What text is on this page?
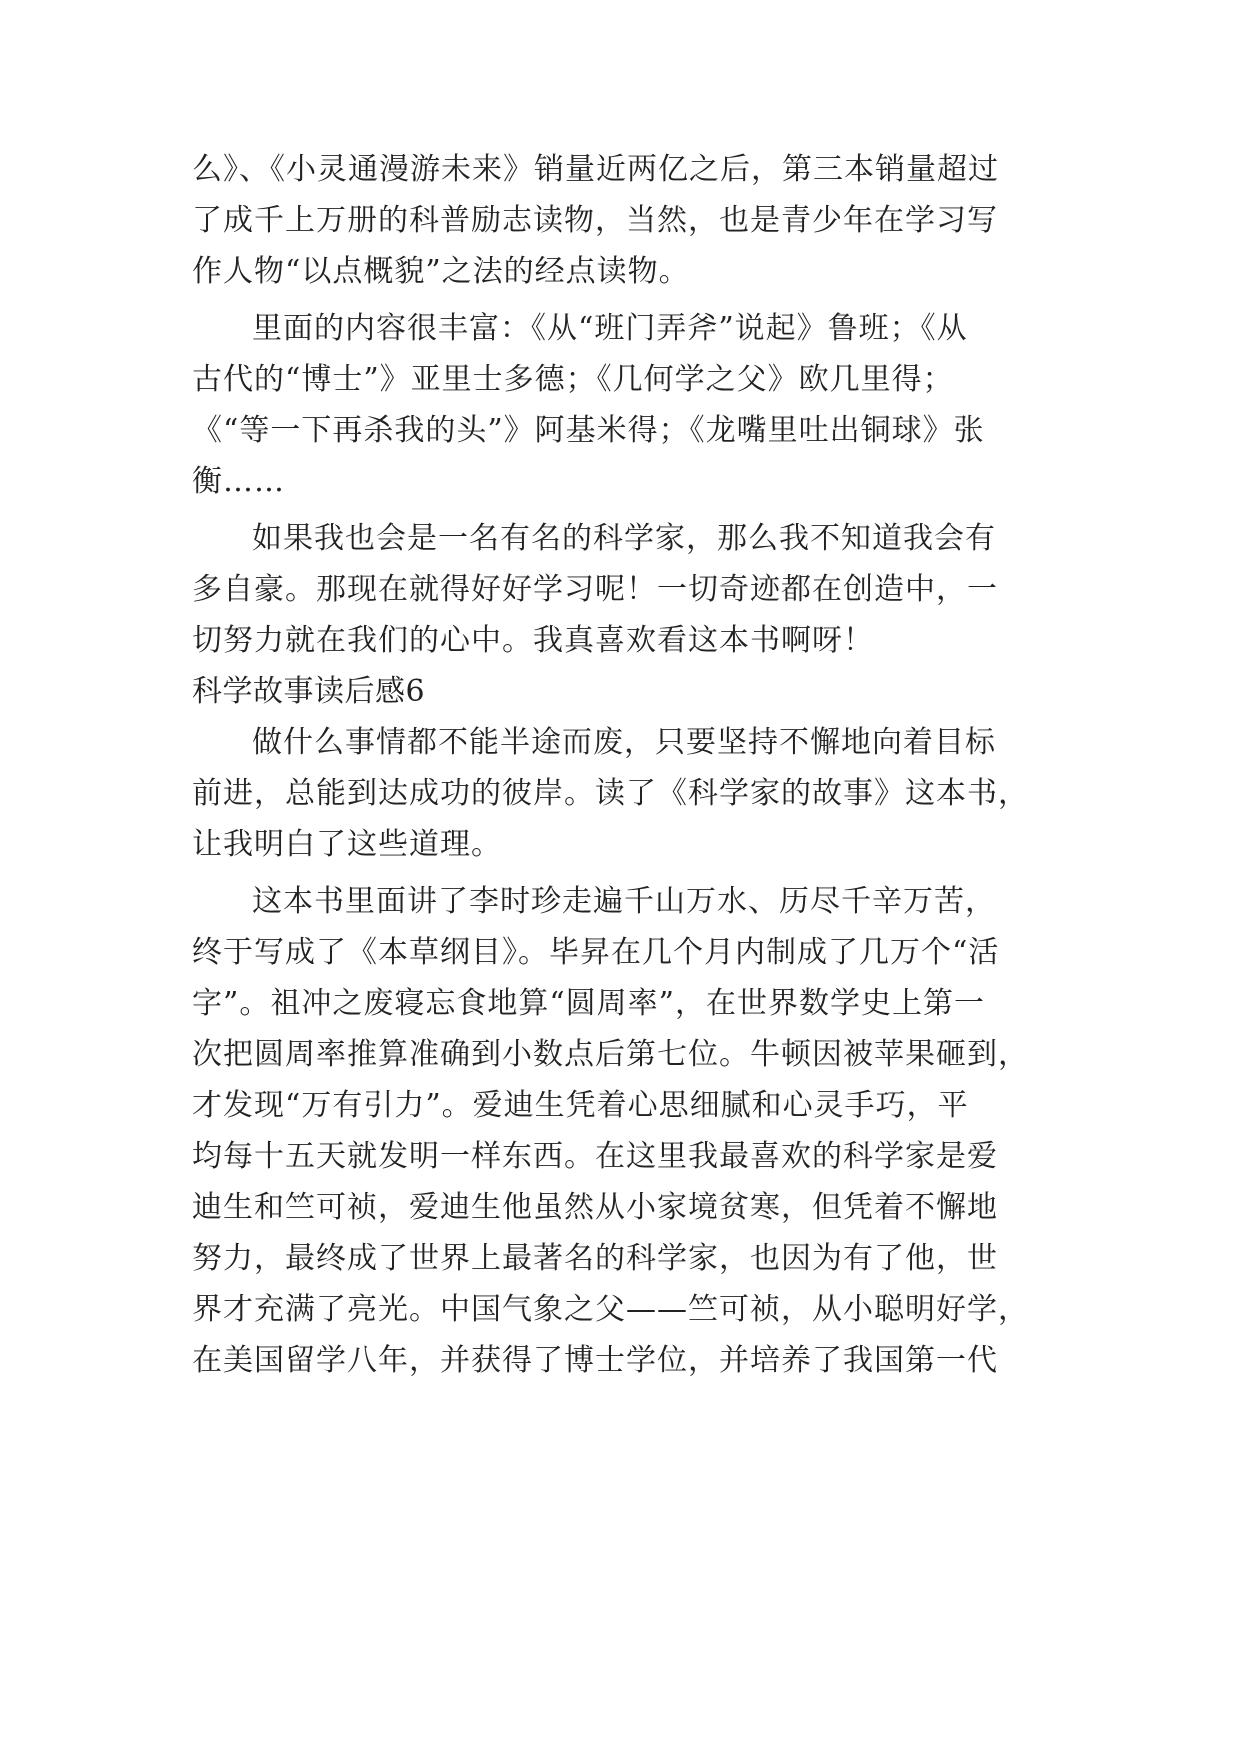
么》、《小灵通漫游未来》销量近两亿之后，第三本销量超过
了成千上万册的科普励志读物，当然，也是青少年在学习写
作人物“以点概貌”之法的经点读物。
里面的内容很丰富：《从“班门弄斧”说起》鲁班；《从
古代的“博士”》亚里士多德；《几何学之父》欧几里得；
《“等一下再杀我的头”》阿基米得；《龙嘴里吐出铜球》张
衡……
如果我也会是一名有名的科学家，那么我不知道我会有
多自豪。那现在就得好好学习呢！一切奇迹都在创造中，一
切努力就在我们的心中。我真喜欢看这本书啊呀！
科学故事读后感6
做什么事情都不能半途而废，只要坚持不懈地向着目标
前进，总能到达成功的彼岸。读了《科学家的故事》这本书，
让我明白了这些道理。
这本书里面讲了李时珍走遍千山万水、历尽千辛万苦，
终于写成了《本草纲目》。毕昇在几个月内制成了几万个“活
字”。祖冲之废寝忘食地算“圆周率”，在世界数学史上第一
次把圆周率推算准确到小数点后第七位。牛顿因被苹果砸到，
才发现“万有引力”。爱迪生凭着心思细腻和心灵手巧，平
均每十五天就发明一样东西。在这里我最喜欢的科学家是爱
迪生和竺可祯，爱迪生他虽然从小家境贫寒，但凭着不懈地
努力，最终成了世界上最著名的科学家，也因为有了他，世
界才充满了亮光。中国气象之父——竺可祯，从小聪明好学，
在美国留学八年，并获得了博士学位，并培养了我国第一代
